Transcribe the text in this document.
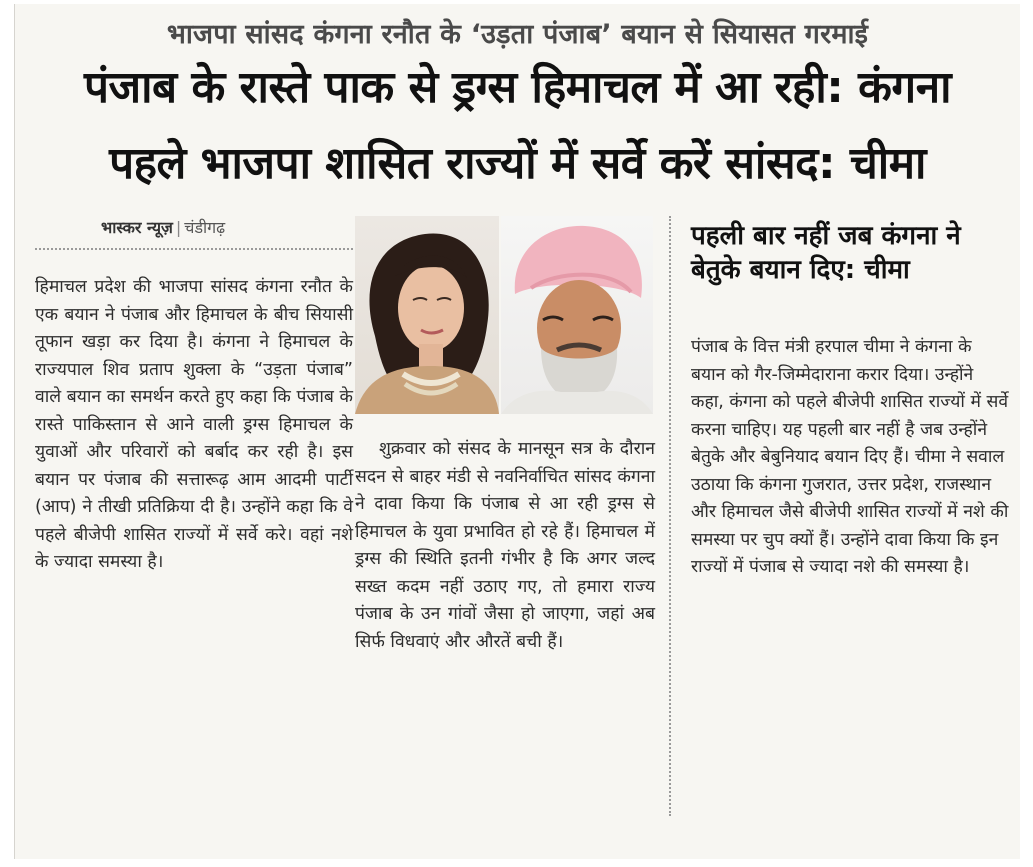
भाजपा सांसद कंगना रनौत के ‘उड़ता पंजाब’ बयान से सियासत गरमाई
पंजाब के रास्ते पाक से ड्रग्स हिमाचल में आ रही: कंगना
पहले भाजपा शासित राज्यों में सर्वे करें सांसद: चीमा
भास्कर न्यूज़ | चंडीगढ़
हिमाचल प्रदेश की भाजपा सांसद कंगना रनौत के एक बयान ने पंजाब और हिमाचल के बीच सियासी तूफान खड़ा कर दिया है। कंगना ने हिमाचल के राज्यपाल शिव प्रताप शुक्ला के “उड़ता पंजाब” वाले बयान का समर्थन करते हुए कहा कि पंजाब के रास्ते पाकिस्तान से आने वाली ड्रग्स हिमाचल के युवाओं और परिवारों को बर्बाद कर रही है। इस बयान पर पंजाब की सत्तारूढ़ आम आदमी पार्टी (आप) ने तीखी प्रतिक्रिया दी है। उन्होंने कहा कि वे पहले बीजेपी शासित राज्यों में सर्वे करे। वहां नशे के ज्यादा समस्या है।
शुक्रवार को संसद के मानसून सत्र के दौरान सदन से बाहर मंडी से नवनिर्वाचित सांसद कंगना ने दावा किया कि पंजाब से आ रही ड्रग्स से हिमाचल के युवा प्रभावित हो रहे हैं। हिमाचल में ड्रग्स की स्थिति इतनी गंभीर है कि अगर जल्द सख्त कदम नहीं उठाए गए, तो हमारा राज्य पंजाब के उन गांवों जैसा हो जाएगा, जहां अब सिर्फ विधवाएं और औरतें बची हैं।
पहली बार नहीं जब कंगना ने बेतुके बयान दिए: चीमा
पंजाब के वित्त मंत्री हरपाल चीमा ने कंगना के बयान को गैर-जिम्मेदाराना करार दिया। उन्होंने कहा, कंगना को पहले बीजेपी शासित राज्यों में सर्वे करना चाहिए। यह पहली बार नहीं है जब उन्होंने बेतुके और बेबुनियाद बयान दिए हैं। चीमा ने सवाल उठाया कि कंगना गुजरात, उत्तर प्रदेश, राजस्थान और हिमाचल जैसे बीजेपी शासित राज्यों में नशे की समस्या पर चुप क्यों हैं। उन्होंने दावा किया कि इन राज्यों में पंजाब से ज्यादा नशे की समस्या है।
